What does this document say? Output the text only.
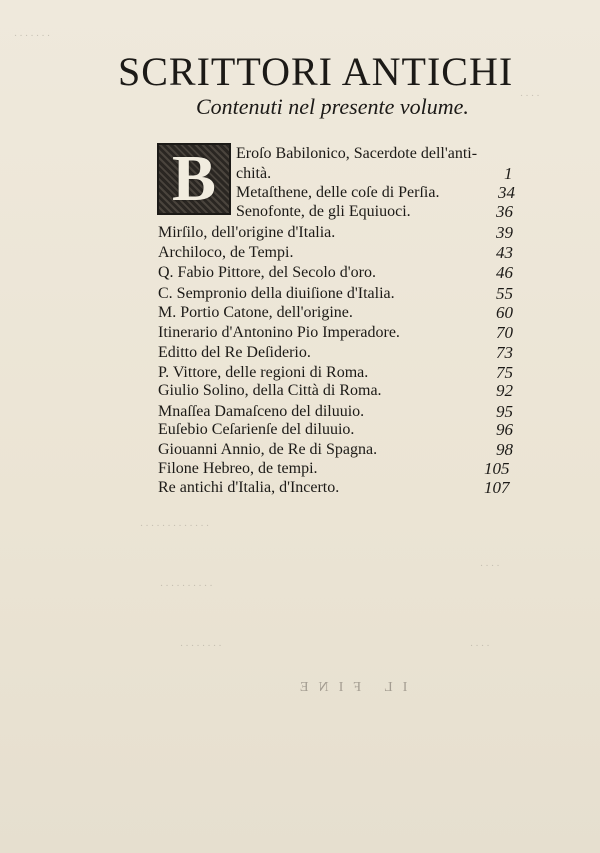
· · · · · · ·
· · · ·
· · · · · · · · · · · · ·
· · · · · · · · · ·
· · · · · · · ·
· · · ·
· · · ·
SCRITTORI ANTICHI
Contenuti nel presente volume.
B Eroſo Babilonico, Sacerdote dell'anti-
chità.	1
Metaſthene, delle coſe di Perſia.	34
Senofonte, de gli Equiuoci.	36
Mirſilo, dell'origine d'Italia.	39
Archiloco, de Tempi.	43
Q. Fabio Pittore, del Secolo d'oro.	46
C. Sempronio della diuiſione d'Italia.	55
M. Portio Catone, dell'origine.	60
Itinerario d'Antonino Pio Imperadore.	70
Editto del Re Deſiderio.	73
P. Vittore, delle regioni di Roma.	75
Giulio Solino, della Città di Roma.	92
Mnaſſea Damaſceno del diluuio.	95
Euſebio Ceſarienſe del diluuio.	96
Giouanni Annio, de Re di Spagna.	98
Filone Hebreo, de tempi.	105
Re antichi d'Italia, d'Incerto.	107
IL FINE
